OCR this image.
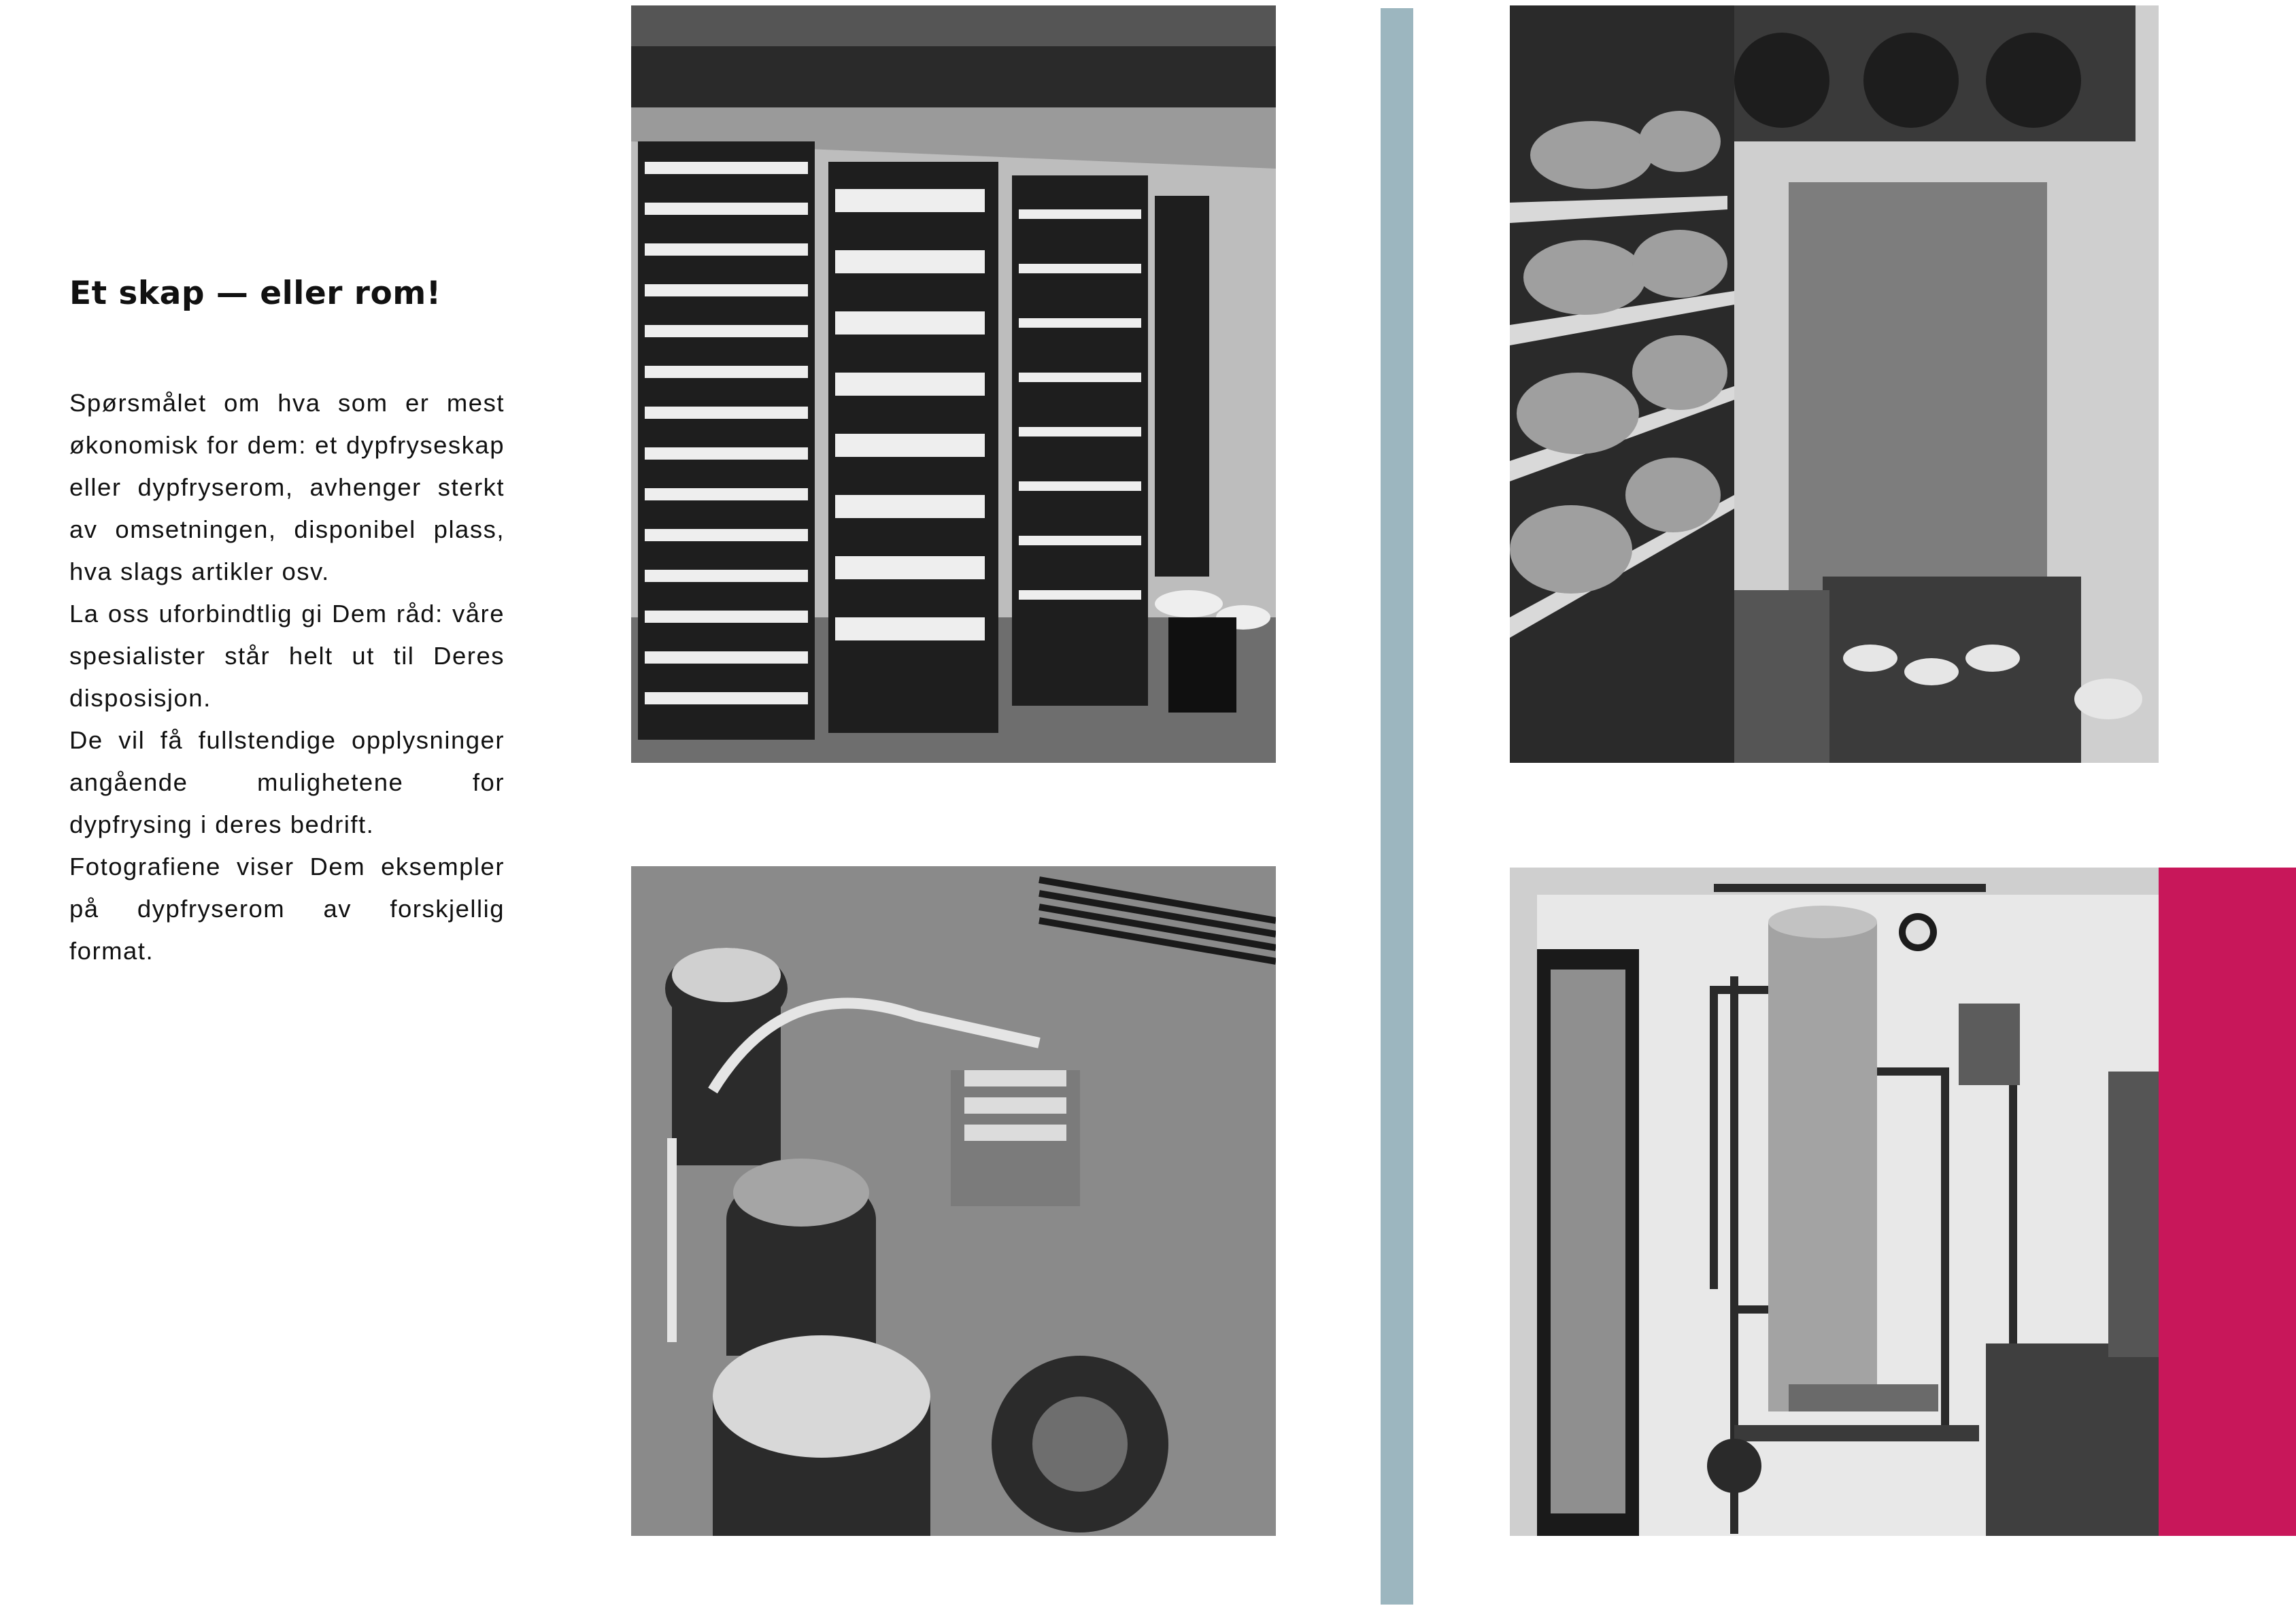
Et skap — eller rom!

Spørsmålet om hva som er mest økonomisk for dem: et dypfryseskap eller dypfryserom, avhenger sterkt av omsetningen, disponibel plass, hva slags artikler osv.

La oss uforbindtlig gi Dem råd: våre spesialister står helt ut til Deres disposisjon.

De vil få fullstendige opplysninger angående mulighetene for dypfrysing i deres bedrift.

Fotografiene viser Dem eksempler på dypfryserom av forskjellig format.
